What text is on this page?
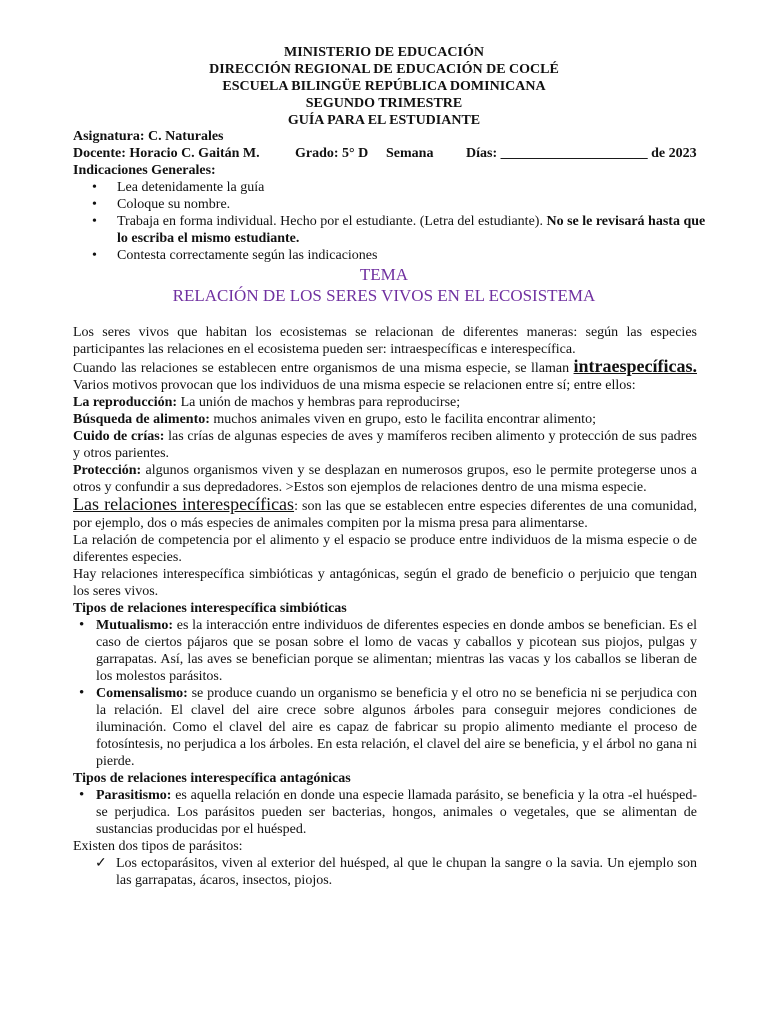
MINISTERIO DE EDUCACIÓN
DIRECCIÓN REGIONAL DE EDUCACIÓN DE COCLÉ
ESCUELA BILINGÜE REPÚBLICA DOMINICANA
SEGUNDO TRIMESTRE
GUÍA PARA EL ESTUDIANTE
Asignatura: C. Naturales
Docente: Horacio C. Gaitán M.	Grado: 5° D Semana Días: _____________________ de 2023
Indicaciones Generales:
• Lea detenidamente la guía
• Coloque su nombre.
• Trabaja en forma individual. Hecho por el estudiante. (Letra del estudiante). No se le revisará hasta que lo escriba el mismo estudiante.
• Contesta correctamente según las indicaciones
TEMA
RELACIÓN DE LOS SERES VIVOS EN EL ECOSISTEMA

Los seres vivos que habitan los ecosistemas se relacionan de diferentes maneras: según las especies participantes las relaciones en el ecosistema pueden ser: intraespecíficas e interespecífica.

Cuando las relaciones se establecen entre organismos de una misma especie, se llaman intraespecíficas. Varios motivos provocan que los individuos de una misma especie se relacionen entre sí; entre ellos:

La reproducción: La unión de machos y hembras para reproducirse;

Búsqueda de alimento: muchos animales viven en grupo, esto le facilita encontrar alimento;

Cuido de crías: las crías de algunas especies de aves y mamíferos reciben alimento y protección de sus padres y otros parientes.

Protección: algunos organismos viven y se desplazan en numerosos grupos, eso le permite protegerse unos a otros y confundir a sus depredadores. >Estos son ejemplos de relaciones dentro de una misma especie.

Las relaciones interespecíficas: son las que se establecen entre especies diferentes de una comunidad, por ejemplo, dos o más especies de animales compiten por la misma presa para alimentarse.

La relación de competencia por el alimento y el espacio se produce entre individuos de la misma especie o de diferentes especies.

Hay relaciones interespecífica simbióticas y antagónicas, según el grado de beneficio o perjuicio que tengan los seres vivos.

Tipos de relaciones interespecífica simbióticas

• Mutualismo: es la interacción entre individuos de diferentes especies en donde ambos se benefician. Es el caso de ciertos pájaros que se posan sobre el lomo de vacas y caballos y picotean sus piojos, pulgas y garrapatas. Así, las aves se benefician porque se alimentan; mientras las vacas y los caballos se liberan de los molestos parásitos.
• Comensalismo: se produce cuando un organismo se beneficia y el otro no se beneficia ni se perjudica con la relación. El clavel del aire crece sobre algunos árboles para conseguir mejores condiciones de iluminación. Como el clavel del aire es capaz de fabricar su propio alimento mediante el proceso de fotosíntesis, no perjudica a los árboles. En esta relación, el clavel del aire se beneficia, y el árbol no gana ni pierde.

Tipos de relaciones interespecífica antagónicas

• Parasitismo: es aquella relación en donde una especie llamada parásito, se beneficia y la otra -el huésped- se perjudica. Los parásitos pueden ser bacterias, hongos, animales o vegetales, que se alimentan de sustancias producidas por el huésped.

Existen dos tipos de parásitos:

✓ Los ectoparásitos, viven al exterior del huésped, al que le chupan la sangre o la savia. Un ejemplo son las garrapatas, ácaros, insectos, piojos.
